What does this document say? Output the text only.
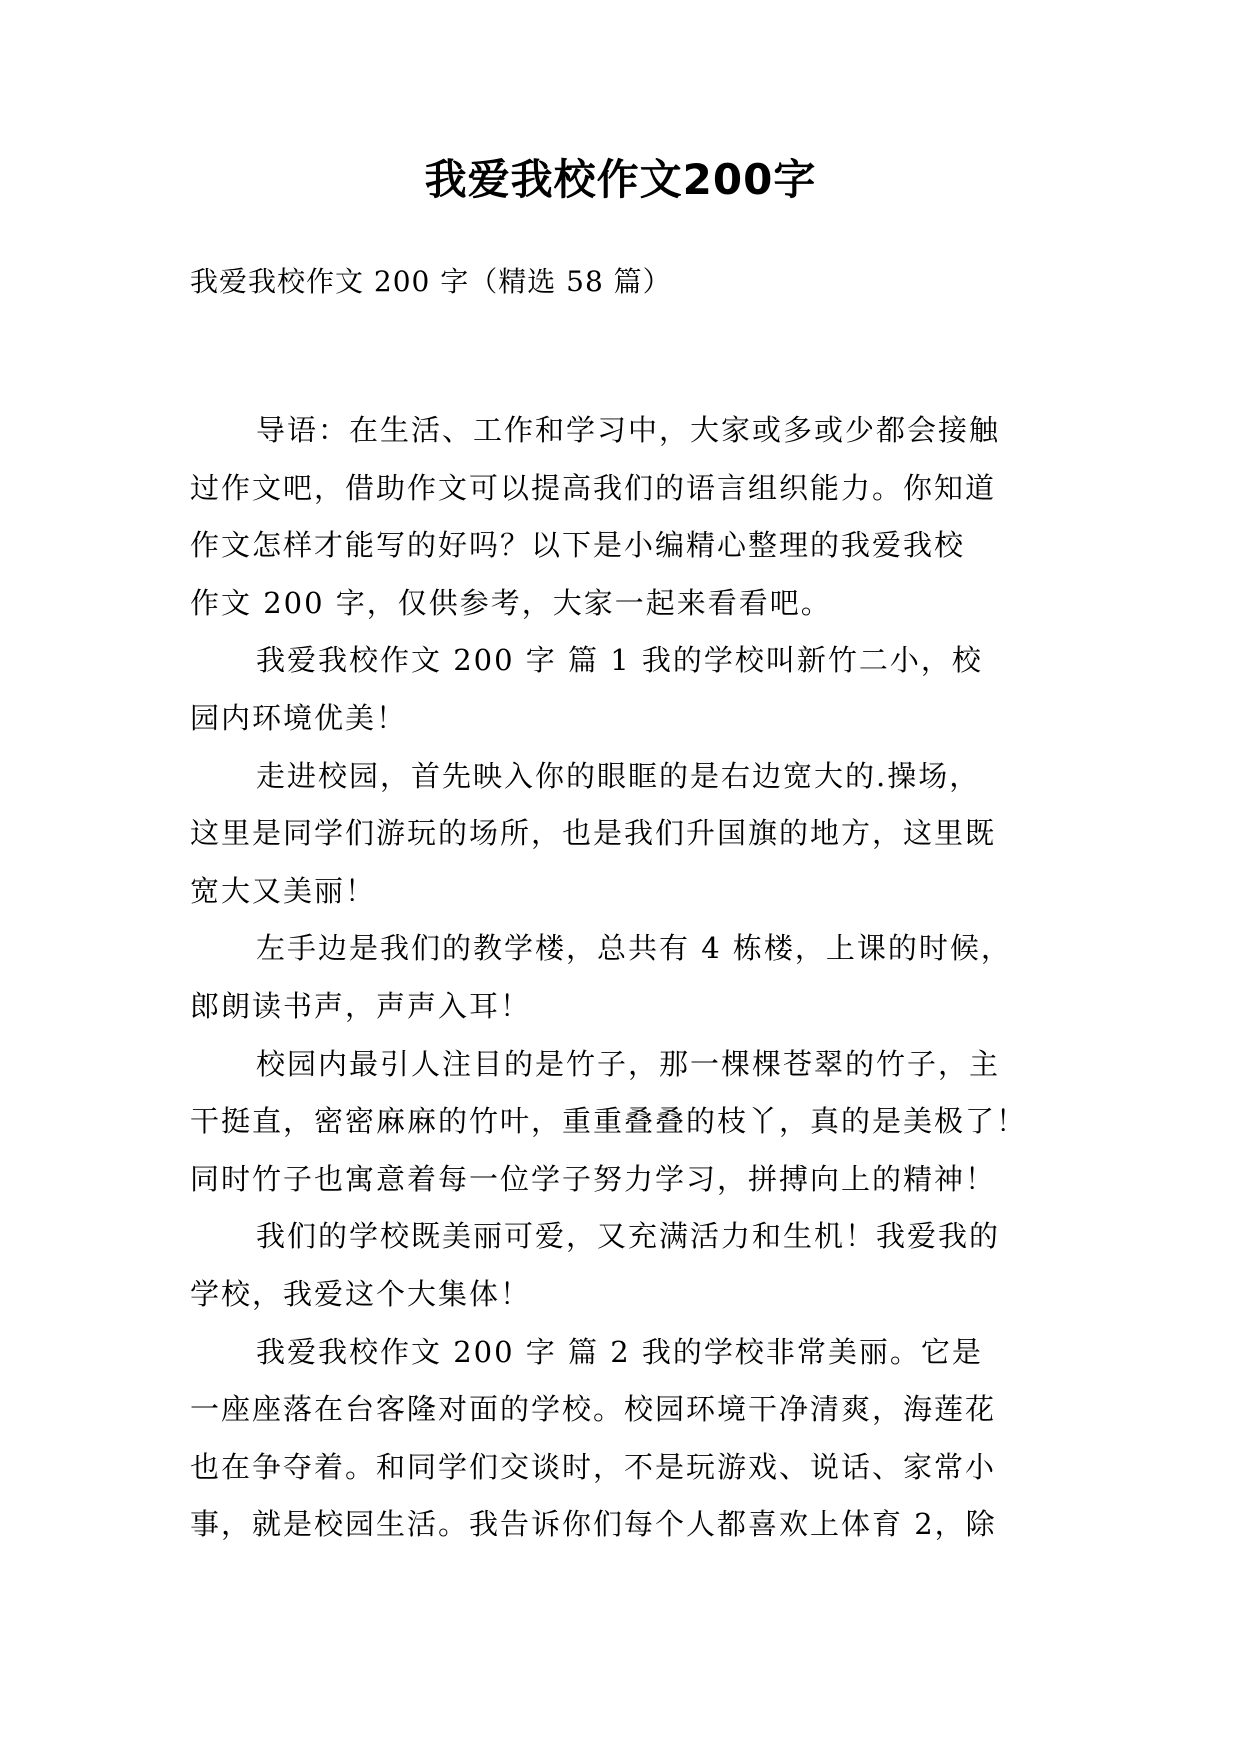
我爱我校作文200字
我爱我校作文 200 字（精选 58 篇）
导语：在生活、工作和学习中，大家或多或少都会接触
过作文吧，借助作文可以提高我们的语言组织能力。你知道
作文怎样才能写的好吗？以下是小编精心整理的我爱我校
作文 200 字，仅供参考，大家一起来看看吧。
我爱我校作文 200 字 篇 1 我的学校叫新竹二小，校
园内环境优美！
走进校园，首先映入你的眼眶的是右边宽大的.操场，
这里是同学们游玩的场所，也是我们升国旗的地方，这里既
宽大又美丽！
左手边是我们的教学楼，总共有 4 栋楼，上课的时候，
郎朗读书声，声声入耳！
校园内最引人注目的是竹子，那一棵棵苍翠的竹子，主
干挺直，密密麻麻的竹叶，重重叠叠的枝丫，真的是美极了！
同时竹子也寓意着每一位学子努力学习，拼搏向上的精神！
我们的学校既美丽可爱，又充满活力和生机！我爱我的
学校，我爱这个大集体！
我爱我校作文 200 字 篇 2 我的学校非常美丽。它是
一座座落在台客隆对面的学校。校园环境干净清爽，海莲花
也在争夺着。和同学们交谈时，不是玩游戏、说话、家常小
事，就是校园生活。我告诉你们每个人都喜欢上体育 2，除
